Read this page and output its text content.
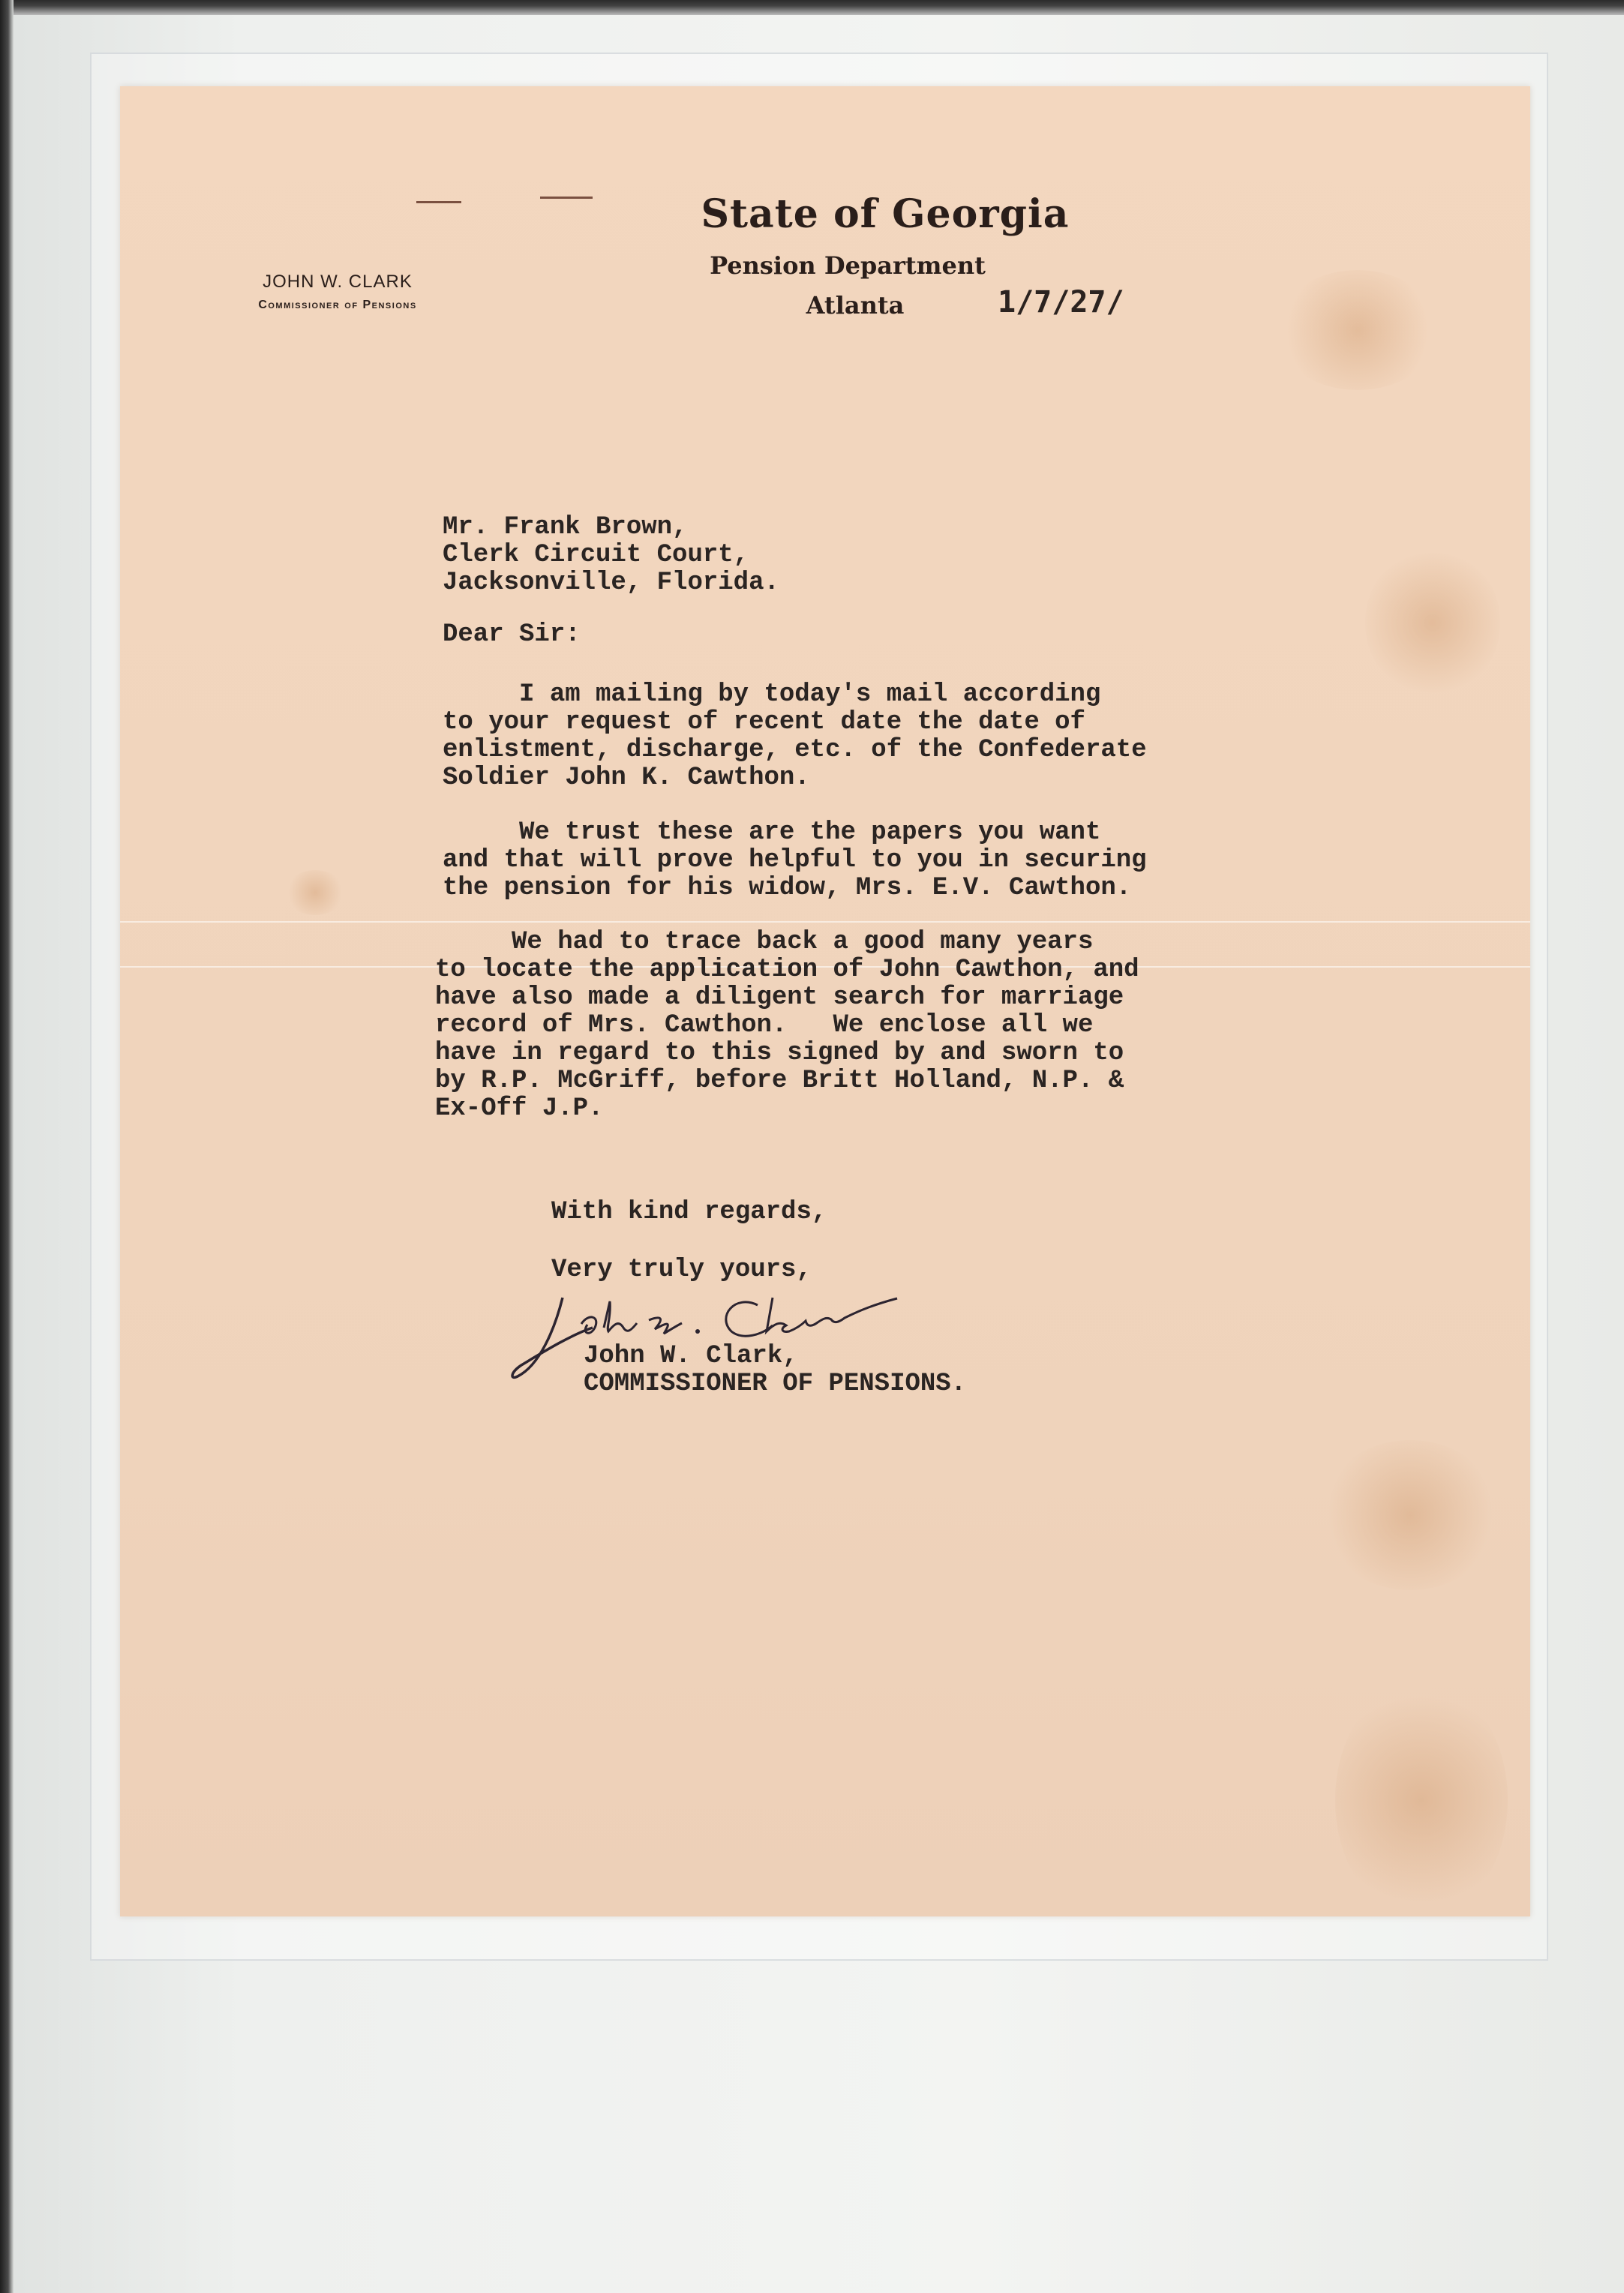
State of Georgia
Pension Department
Atlanta	1/7/27/
JOHN W. CLARK
Commissioner of Pensions
Mr. Frank Brown,
Clerk Circuit Court,
Jacksonville, Florida.
Dear Sir:
I am mailing by today's mail according
to your request of recent date the date of
enlistment, discharge, etc. of the Confederate
Soldier John K. Cawthon.
We trust these are the papers you want
and that will prove helpful to you in securing
the pension for his widow, Mrs. E.V. Cawthon.
We had to trace back a good many years
to locate the application of John Cawthon, and
have also made a diligent search for marriage
record of Mrs. Cawthon.   We enclose all we
have in regard to this signed by and sworn to
by R.P. McGriff, before Britt Holland, N.P. &
Ex-Off J.P.
With kind regards,
Very truly yours,
John W. Clark,
COMMISSIONER OF PENSIONS.
